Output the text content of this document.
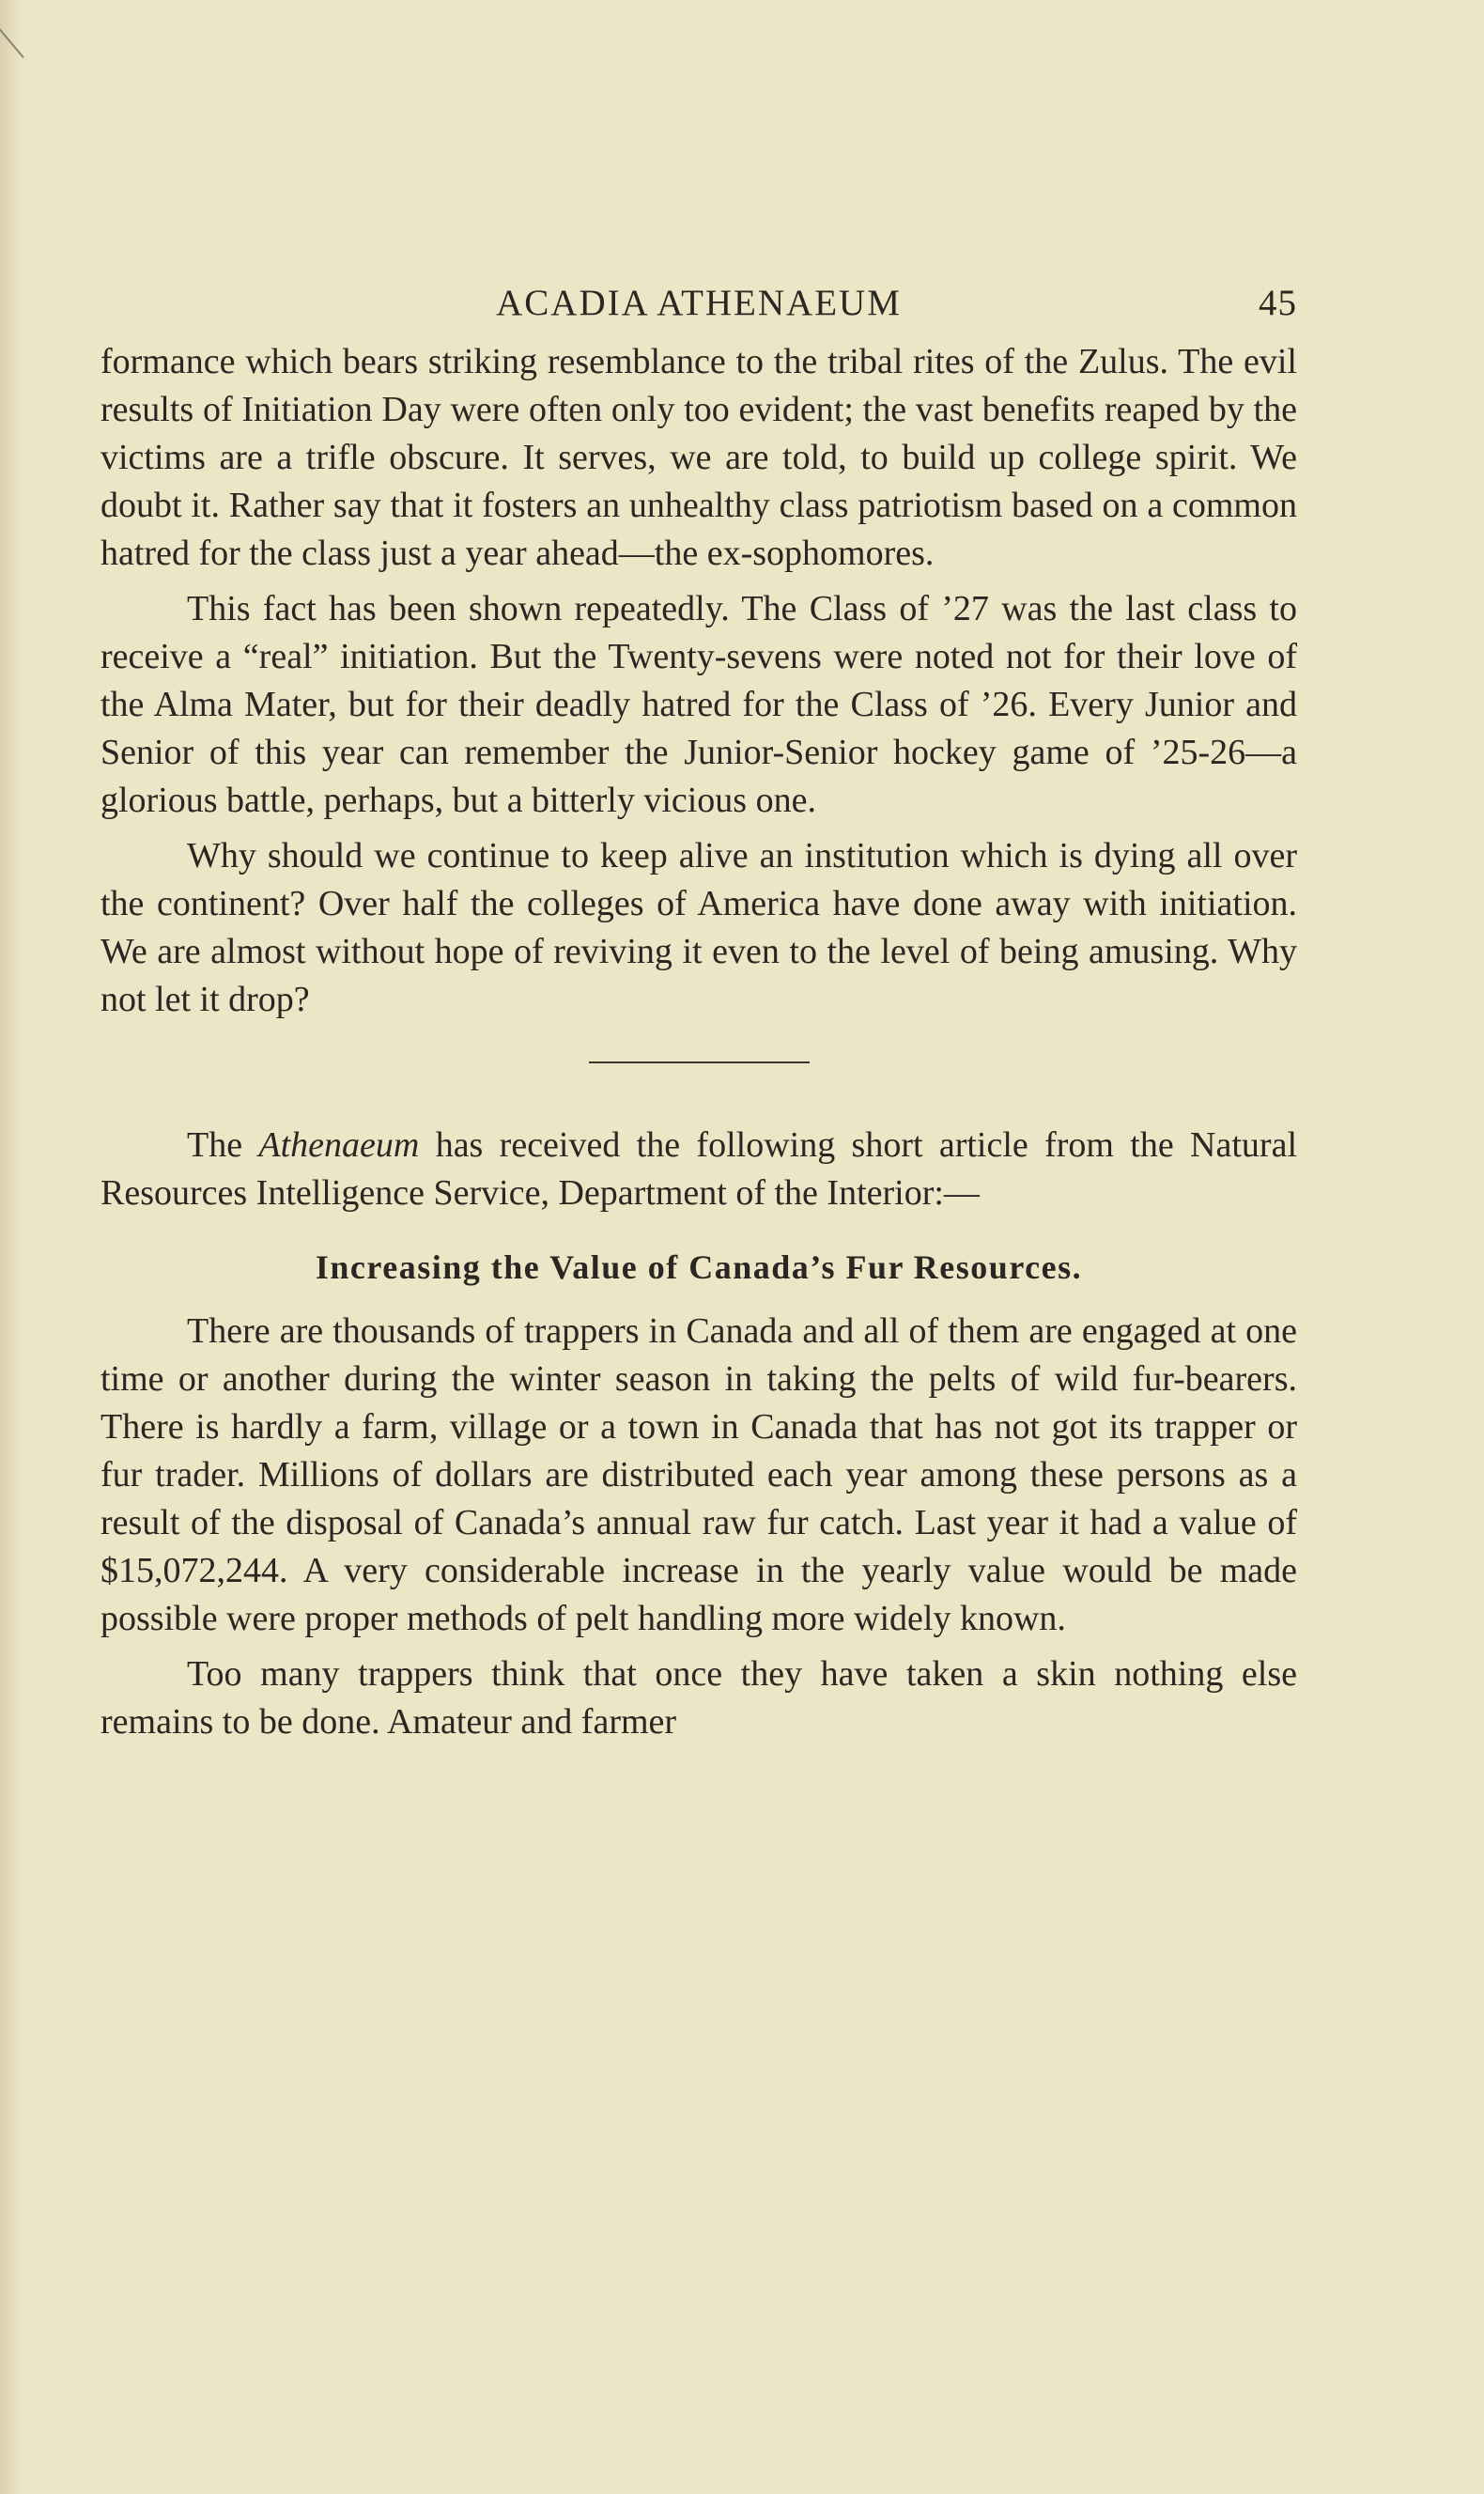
ACADIA ATHENAEUM	45

formance which bears striking resemblance to the tribal rites of the Zulus. The evil results of Initiation Day were often only too evident; the vast benefits reaped by the victims are a trifle obscure. It serves, we are told, to build up college spirit. We doubt it. Rather say that it fosters an unhealthy class patriotism based on a common hatred for the class just a year ahead—the ex-sophomores.

This fact has been shown repeatedly. The Class of ’27 was the last class to receive a “real” initiation. But the Twenty-sevens were noted not for their love of the Alma Mater, but for their deadly hatred for the Class of ’26. Every Junior and Senior of this year can remember the Junior-Senior hockey game of ’25-26—a glorious battle, perhaps, but a bitterly vicious one.

Why should we continue to keep alive an institution which is dying all over the continent? Over half the colleges of America have done away with initiation. We are almost without hope of reviving it even to the level of being amusing. Why not let it drop?

The Athenaeum has received the following short article from the Natural Resources Intelligence Service, Department of the Interior:—

Increasing the Value of Canada’s Fur Resources.

There are thousands of trappers in Canada and all of them are engaged at one time or another during the winter season in taking the pelts of wild fur-bearers. There is hardly a farm, village or a town in Canada that has not got its trapper or fur trader. Millions of dollars are distributed each year among these persons as a result of the disposal of Canada’s annual raw fur catch. Last year it had a value of $15,072,244. A very considerable increase in the yearly value would be made possible were proper methods of pelt handling more widely known.

Too many trappers think that once they have taken a skin nothing else remains to be done. Amateur and farmer
